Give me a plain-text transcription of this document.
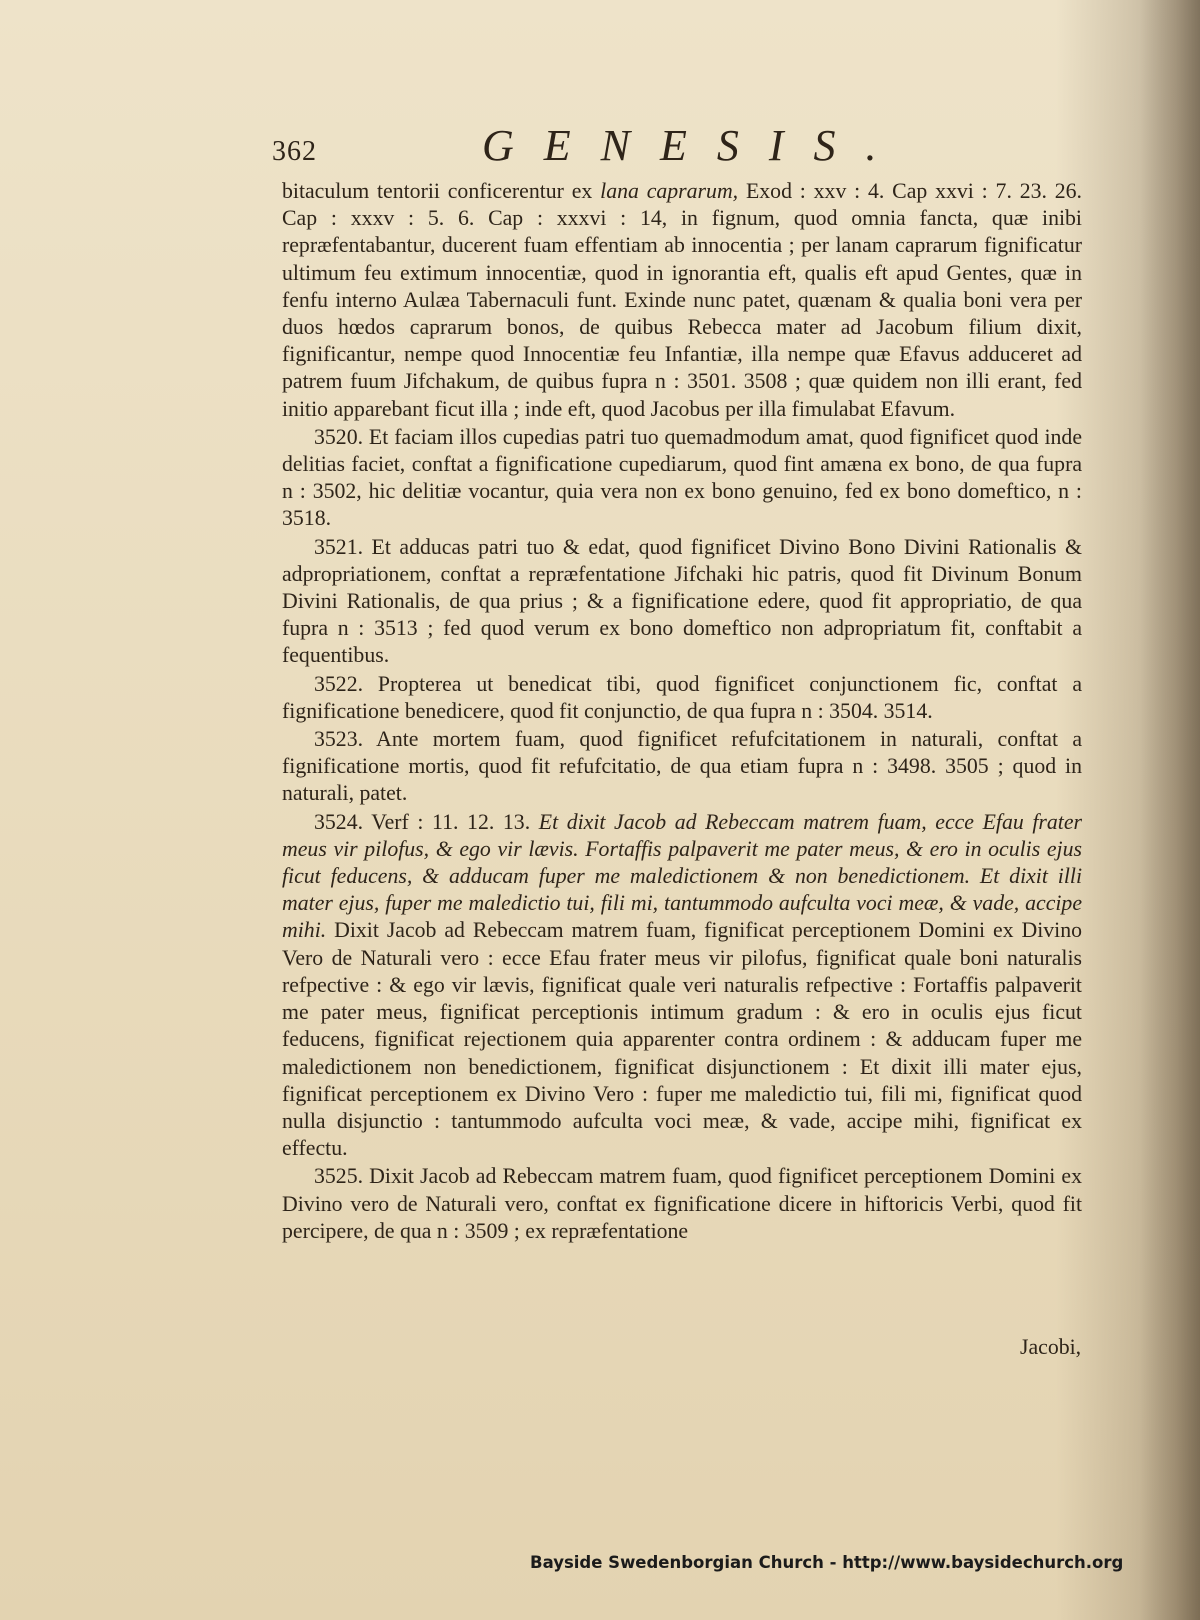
362	GENESIS.

bitaculum tentorii conficerentur ex lana caprarum, Exod : xxv : 4. Cap xxvi : 7. 23. 26. Cap : xxxv : 5. 6. Cap : xxxvi : 14, in fignum, quod omnia fancta, quæ inibi repræfentabantur, ducerent fuam effentiam ab innocentia ; per lanam caprarum fignificatur ultimum feu extimum innocentiæ, quod in ignorantia eft, qualis eft apud Gentes, quæ in fenfu interno Aulæa Tabernaculi funt. Exinde nunc patet, quænam & qualia boni vera per duos hœdos caprarum bonos, de quibus Rebecca mater ad Jacobum filium dixit, fignificantur, nempe quod Innocentiæ feu Infantiæ, illa nempe quæ Efavus adduceret ad patrem fuum Jifchakum, de quibus fupra n : 3501. 3508 ; quæ quidem non illi erant, fed initio apparebant ficut illa ; inde eft, quod Jacobus per illa fimulabat Efavum.

3520. Et faciam illos cupedias patri tuo quemadmodum amat, quod fignificet quod inde delitias faciet, conftat a fignificatione cupediarum, quod fint amæna ex bono, de qua fupra n : 3502, hic delitiæ vocantur, quia vera non ex bono genuino, fed ex bono domeftico, n : 3518.

3521. Et adducas patri tuo & edat, quod fignificet Divino Bono Divini Rationalis & adpropriationem, conftat a repræfentatione Jifchaki hic patris, quod fit Divinum Bonum Divini Rationalis, de qua prius ; & a fignificatione edere, quod fit appropriatio, de qua fupra n : 3513 ; fed quod verum ex bono domeftico non adpropriatum fit, conftabit a fequentibus.

3522. Propterea ut benedicat tibi, quod fignificet conjunctionem fic, conftat a fignificatione benedicere, quod fit conjunctio, de qua fupra n : 3504. 3514.

3523. Ante mortem fuam, quod fignificet refufcitationem in naturali, conftat a fignificatione mortis, quod fit refufcitatio, de qua etiam fupra n : 3498. 3505 ; quod in naturali, patet.

3524. Verf : 11. 12. 13. Et dixit Jacob ad Rebeccam matrem fuam, ecce Efau frater meus vir pilofus, & ego vir lævis. Fortaffis palpaverit me pater meus, & ero in oculis ejus ficut feducens, & adducam fuper me maledictionem & non benedictionem. Et dixit illi mater ejus, fuper me maledictio tui, fili mi, tantummodo aufculta voci meæ, & vade, accipe mihi. Dixit Jacob ad Rebeccam matrem fuam, fignificat perceptionem Domini ex Divino Vero de Naturali vero : ecce Efau frater meus vir pilofus, fignificat quale boni naturalis refpective : & ego vir lævis, fignificat quale veri naturalis refpective : Fortaffis palpaverit me pater meus, fignificat perceptionis intimum gradum : & ero in oculis ejus ficut feducens, fignificat rejectionem quia apparenter contra ordinem : & adducam fuper me maledictionem non benedictionem, fignificat disjunctionem : Et dixit illi mater ejus, fignificat perceptionem ex Divino Vero : fuper me maledictio tui, fili mi, fignificat quod nulla disjunctio : tantummodo aufculta voci meæ, & vade, accipe mihi, fignificat ex effectu.

3525. Dixit Jacob ad Rebeccam matrem fuam, quod fignificet perceptionem Domini ex Divino vero de Naturali vero, conftat ex fignificatione dicere in hiftoricis Verbi, quod fit percipere, de qua n : 3509 ; ex repræfentatione

Jacobi,
Bayside Swedenborgian Church - http://www.baysidechurch.org
